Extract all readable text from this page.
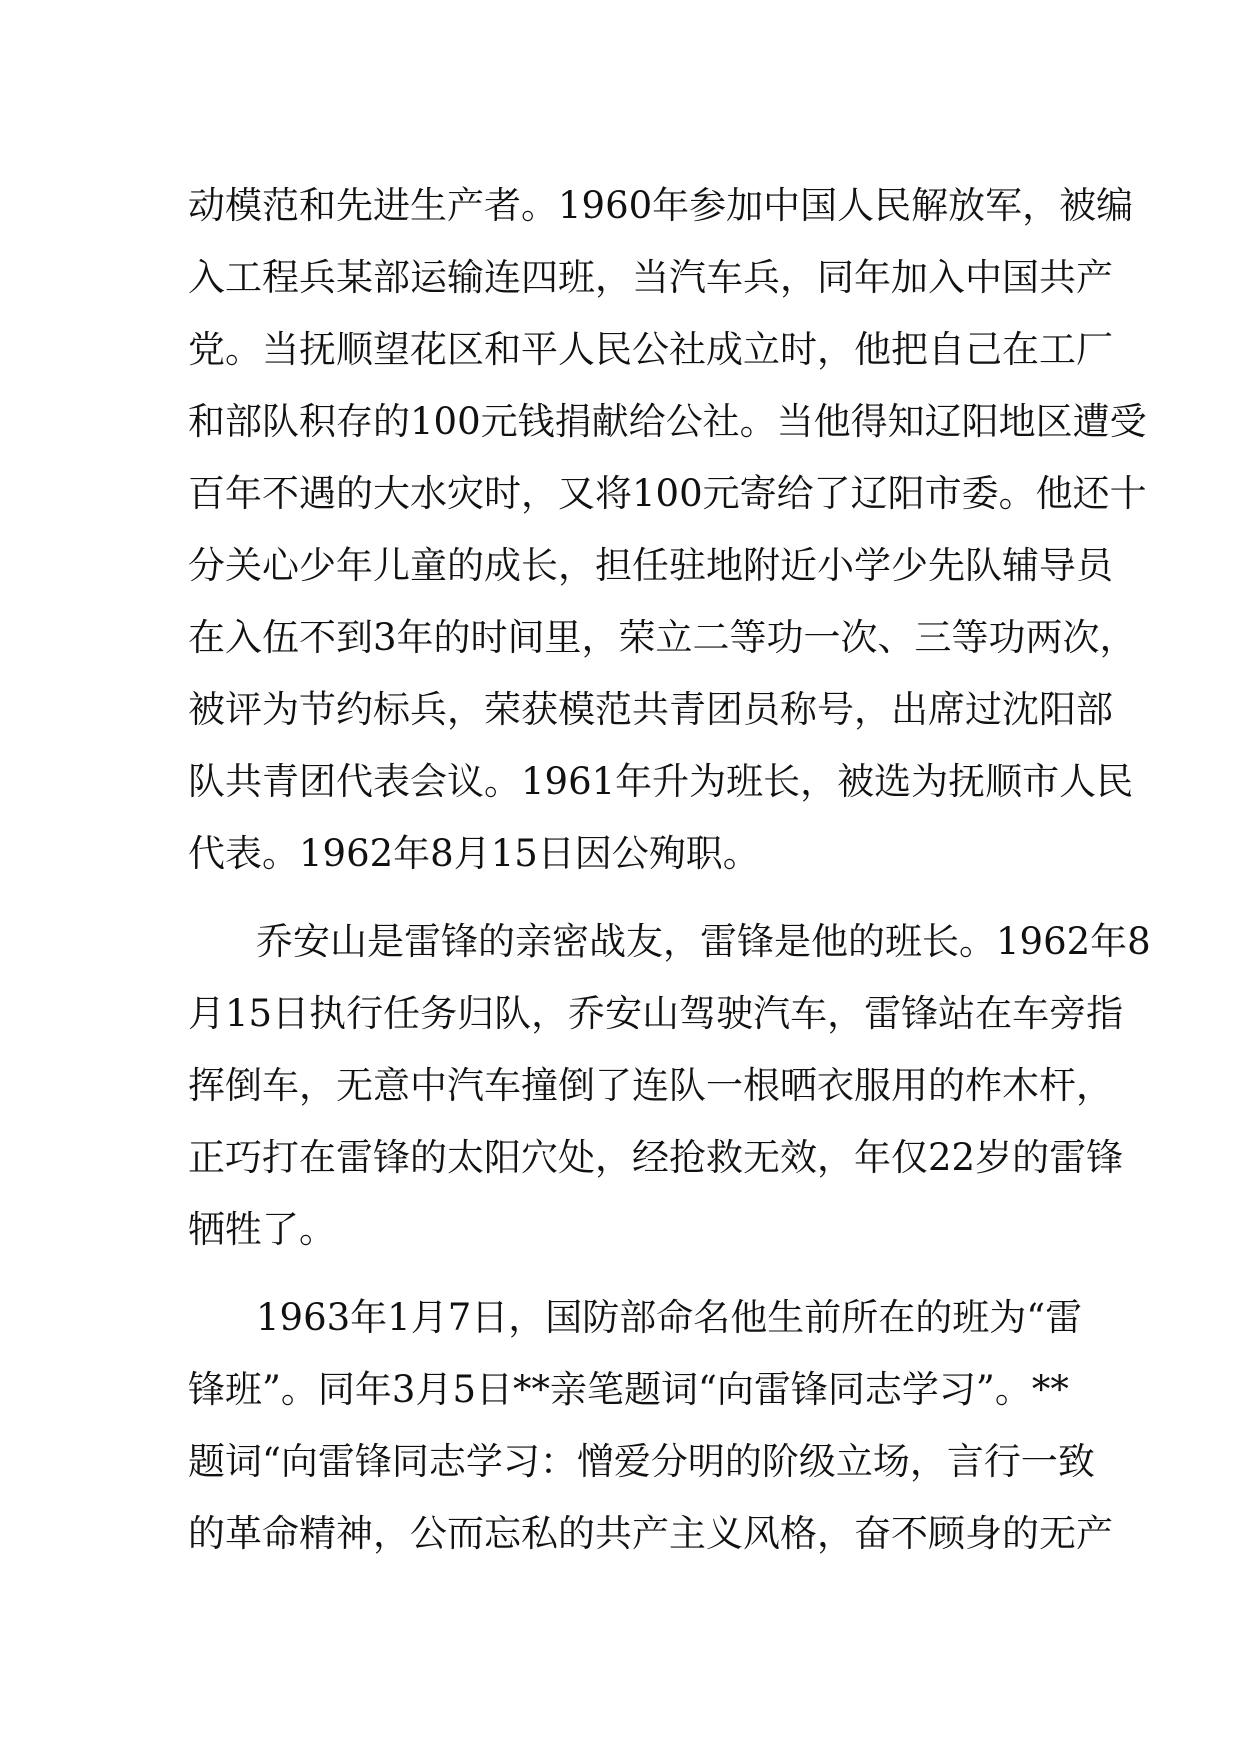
动模范和先进生产者。1960年参加中国人民解放军，被编
入工程兵某部运输连四班，当汽车兵，同年加入中国共产
党。当抚顺望花区和平人民公社成立时，他把自己在工厂
和部队积存的100元钱捐献给公社。当他得知辽阳地区遭受
百年不遇的大水灾时，又将100元寄给了辽阳市委。他还十
分关心少年儿童的成长，担任驻地附近小学少先队辅导员
在入伍不到3年的时间里，荣立二等功一次、三等功两次，
被评为节约标兵，荣获模范共青团员称号，出席过沈阳部
队共青团代表会议。1961年升为班长，被选为抚顺市人民
代表。1962年8月15日因公殉职。
乔安山是雷锋的亲密战友，雷锋是他的班长。1962年8
月15日执行任务归队，乔安山驾驶汽车，雷锋站在车旁指
挥倒车，无意中汽车撞倒了连队一根晒衣服用的柞木杆，
正巧打在雷锋的太阳穴处，经抢救无效，年仅22岁的雷锋
牺牲了。
1963年1月7日，国防部命名他生前所在的班为“雷
锋班”。同年3月5日**亲笔题词“向雷锋同志学习”。**
题词“向雷锋同志学习：憎爱分明的阶级立场，言行一致
的革命精神，公而忘私的共产主义风格，奋不顾身的无产
